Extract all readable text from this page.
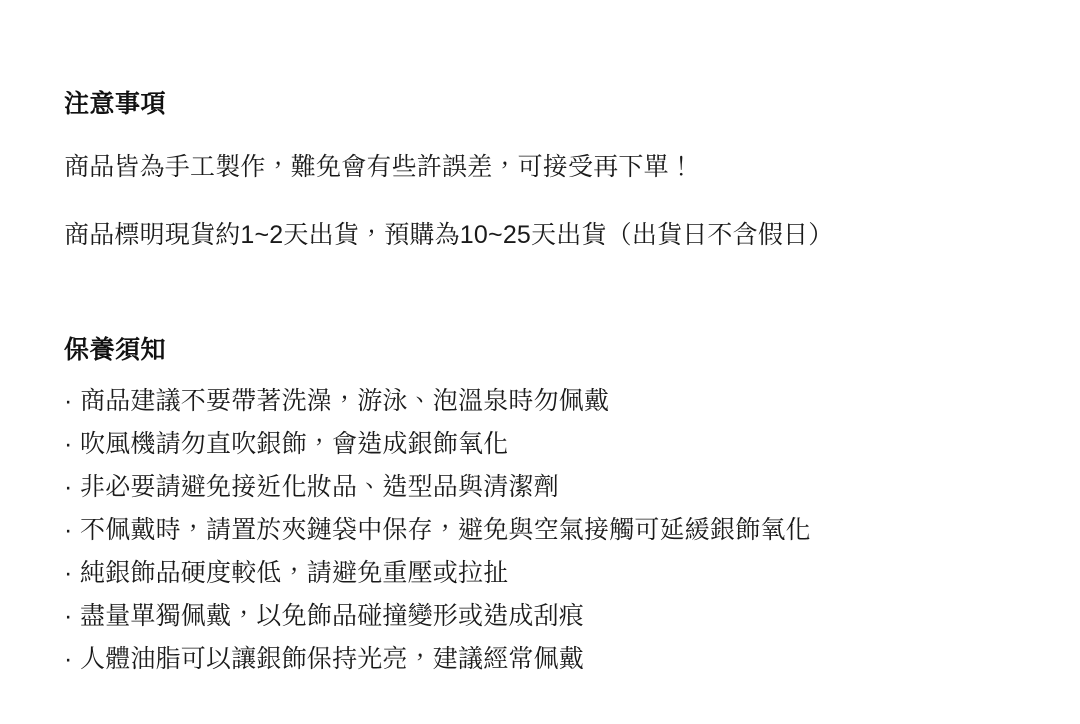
注意事項

商品皆為手工製作，難免會有些許誤差，可接受再下單！

商品標明現貨約1~2天出貨，預購為10~25天出貨（出貨日不含假日）

保養須知
· 商品建議不要帶著洗澡，游泳、泡溫泉時勿佩戴
· 吹風機請勿直吹銀飾，會造成銀飾氧化
· 非必要請避免接近化妝品、造型品與清潔劑
· 不佩戴時，請置於夾鏈袋中保存，避免與空氣接觸可延緩銀飾氧化
· 純銀飾品硬度較低，請避免重壓或拉扯
· 盡量單獨佩戴，以免飾品碰撞變形或造成刮痕
· 人體油脂可以讓銀飾保持光亮，建議經常佩戴
